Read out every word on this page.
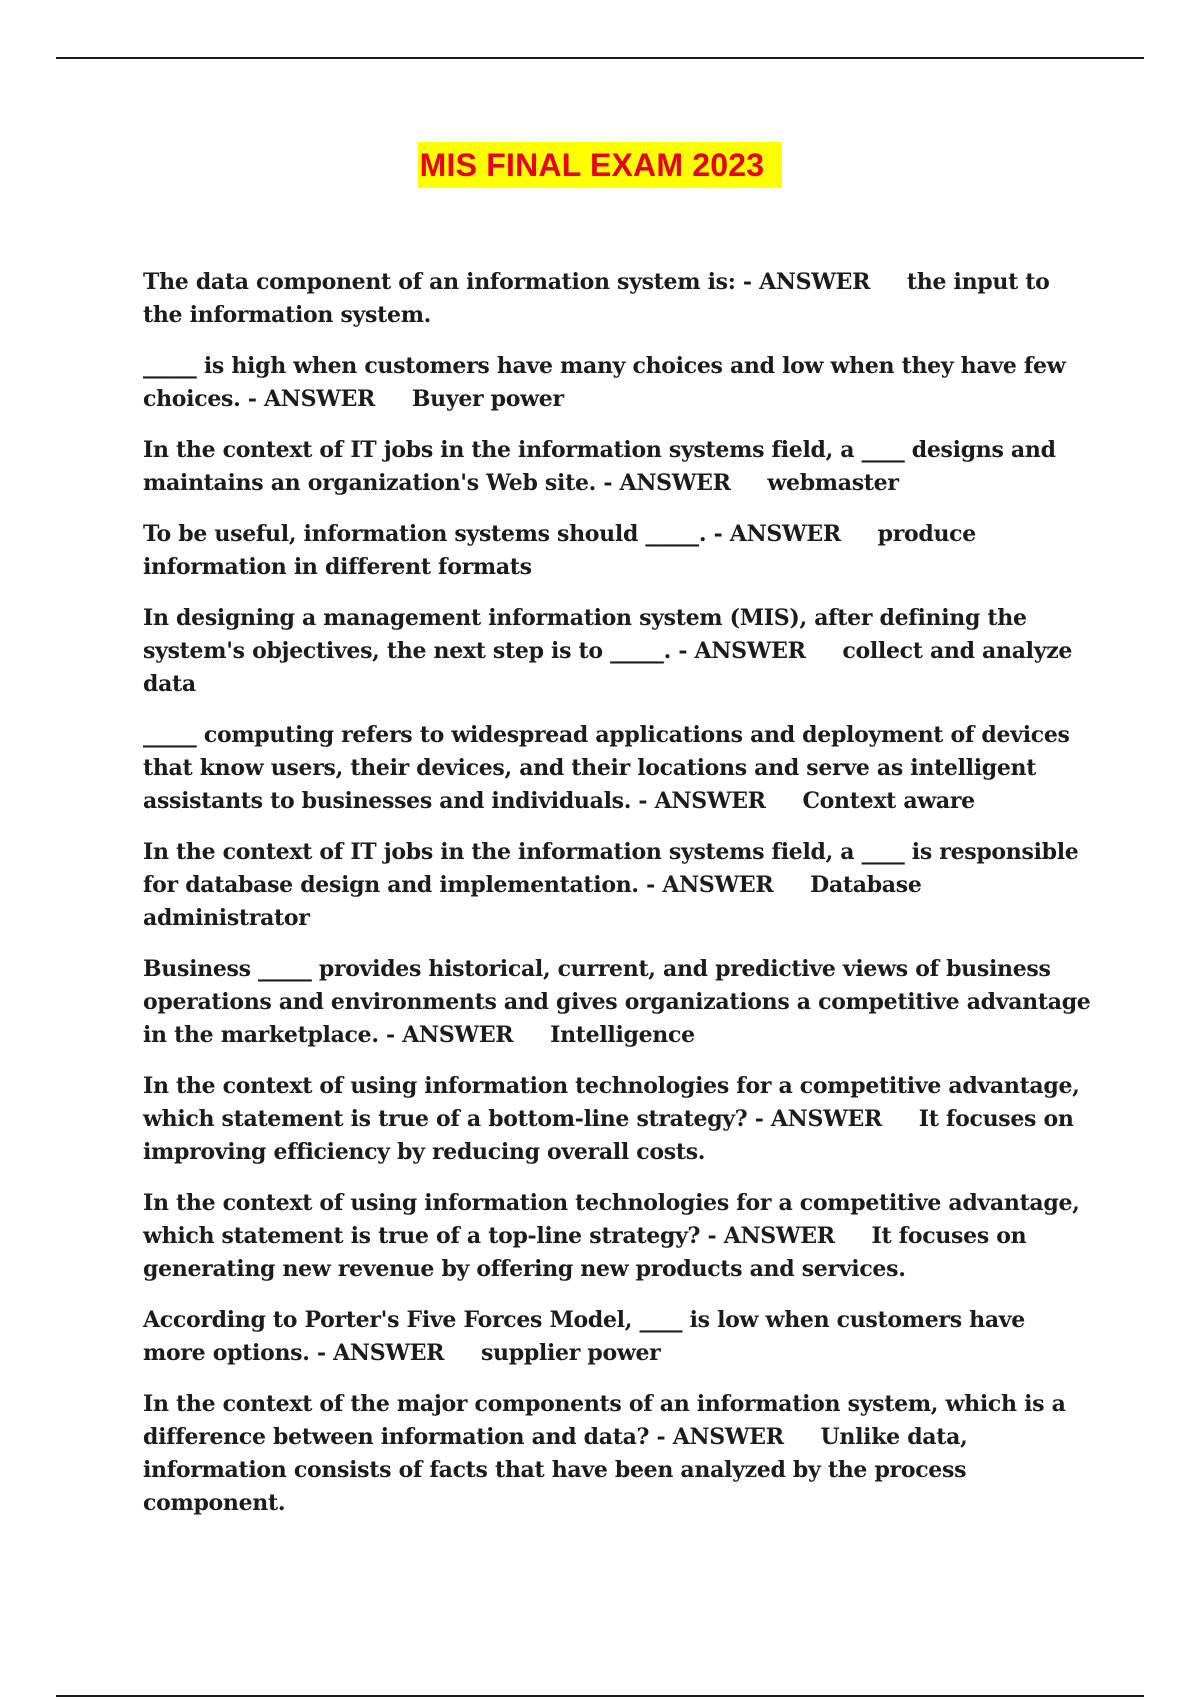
MIS FINAL EXAM 2023

The data component of an information system is: - ANSWER     the input to the information system.

_____ is high when customers have many choices and low when they have few choices. - ANSWER     Buyer power

In the context of IT jobs in the information systems field, a ____ designs and maintains an organization's Web site. - ANSWER     webmaster

To be useful, information systems should _____. - ANSWER     produce information in different formats

In designing a management information system (MIS), after defining the system's objectives, the next step is to _____. - ANSWER     collect and analyze data

_____ computing refers to widespread applications and deployment of devices that know users, their devices, and their locations and serve as intelligent assistants to businesses and individuals. - ANSWER     Context aware

In the context of IT jobs in the information systems field, a ____ is responsible for database design and implementation. - ANSWER     Database administrator

Business _____ provides historical, current, and predictive views of business operations and environments and gives organizations a competitive advantage in the marketplace. - ANSWER     Intelligence

In the context of using information technologies for a competitive advantage, which statement is true of a bottom-line strategy? - ANSWER     It focuses on improving efficiency by reducing overall costs.

In the context of using information technologies for a competitive advantage, which statement is true of a top-line strategy? - ANSWER     It focuses on generating new revenue by offering new products and services.

According to Porter's Five Forces Model, ____ is low when customers have more options. - ANSWER     supplier power

In the context of the major components of an information system, which is a difference between information and data? - ANSWER     Unlike data, information consists of facts that have been analyzed by the process component.
